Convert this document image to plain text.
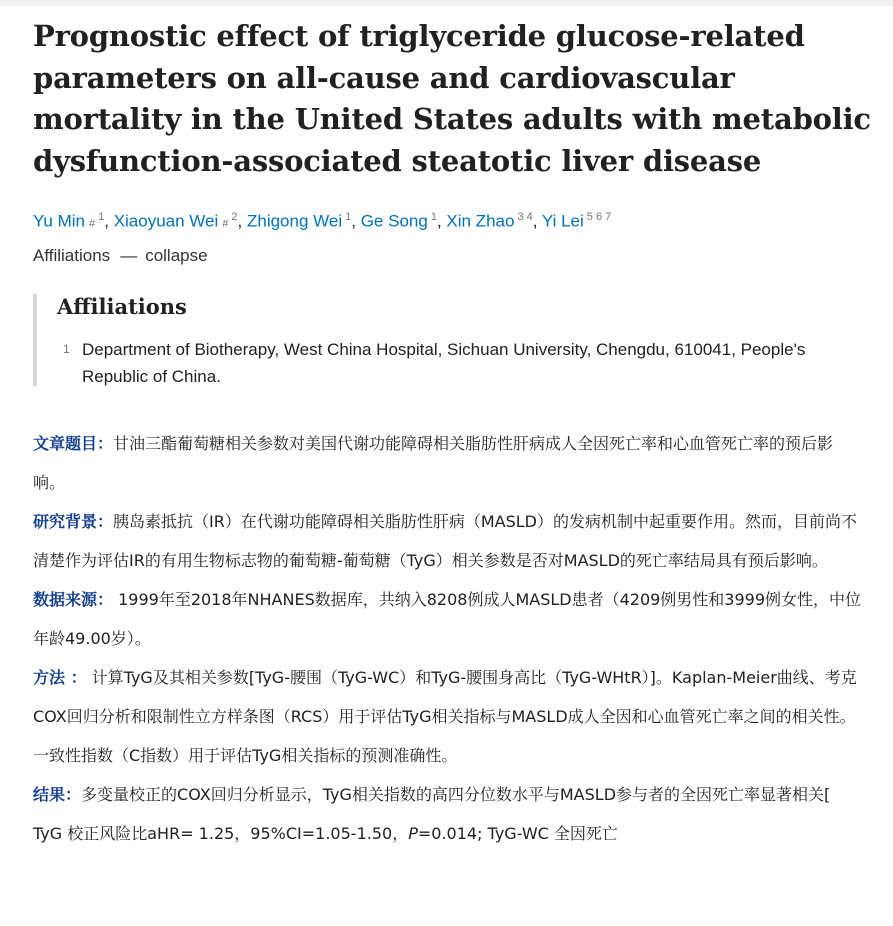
Prognostic effect of triglyceride glucose-related parameters on all-cause and cardiovascular mortality in the United States adults with metabolic dysfunction-associated steatotic liver disease
Yu Min #$^1$, Xiaoyuan Wei #$^2$, Zhigong Wei $^1$, Ge Song $^1$, Xin Zhao $^{3 4}$, Yi Lei $^{5 6 7}$
Affiliations — collapse
Affiliations
1 Department of Biotherapy, West China Hospital, Sichuan University, Chengdu, 610041, People's Republic of China.

文章题目：甘油三酯葡萄糖相关参数对美国代谢功能障碍相关脂肪性肝病成人全因死亡率和心血管死亡率的预后影响。

研究背景：胰岛素抵抗（IR）在代谢功能障碍相关脂肪性肝病（MASLD）的发病机制中起重要作用。然而，目前尚不清楚作为评估IR的有用生物标志物的葡萄糖-葡萄糖（TyG）相关参数是否对MASLD的死亡率结局具有预后影响。

数据来源： 1999年至2018年NHANES数据库，共纳入8208例成人MASLD患者（4209例男性和3999例女性，中位年龄49.00岁）。

方法 ： 计算TyG及其相关参数[TyG-腰围（TyG-WC）和TyG-腰围身高比（TyG-WHtR）]。Kaplan-Meier曲线、考克COX回归分析和限制性立方样条图（RCS）用于评估TyG相关指标与MASLD成人全因和心血管死亡率之间的相关性。一致性指数（C指数）用于评估TyG相关指标的预测准确性。

结果：多变量校正的COX回归分析显示，TyG相关指数的高四分位数水平与MASLD参与者的全因死亡率显著相关[ TyG 校正风险比aHR= 1.25，95%CI=1.05-1.50，P=0.014; TyG-WC 全因死亡
